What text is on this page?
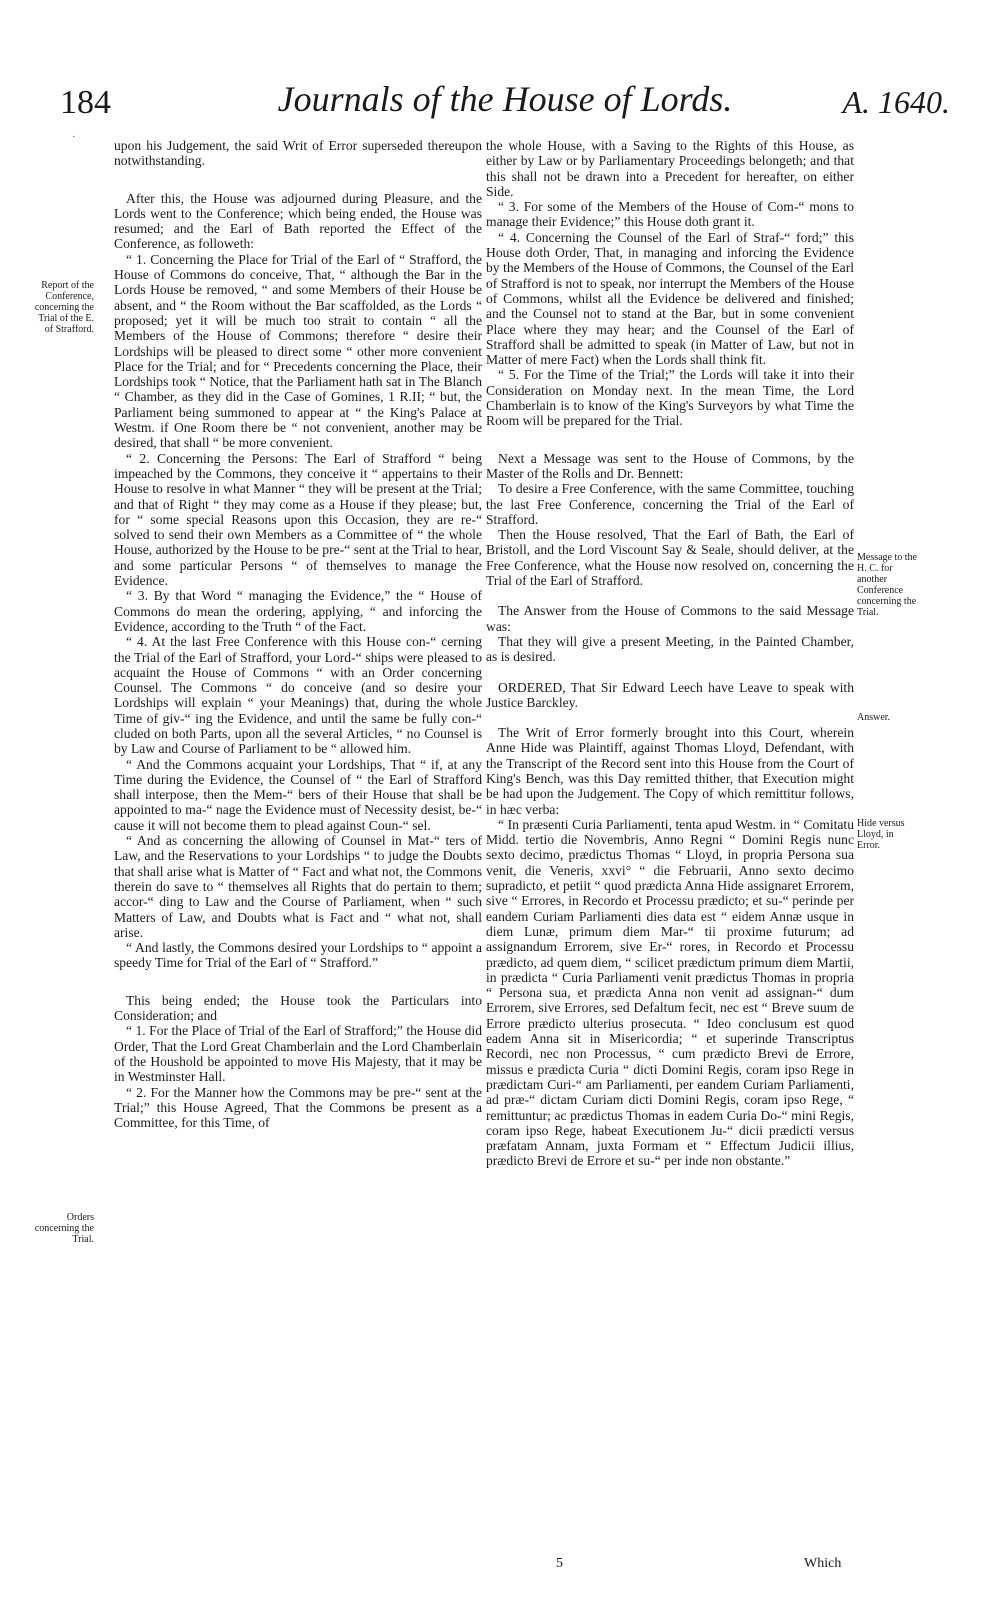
184	Journals of the House of Lords.	A. 1640.
·

upon his Judgement, the said Writ of Error superseded thereupon notwithstanding.

After this, the House was adjourned during Pleasure, and the Lords went to the Conference; which being ended, the House was resumed; and the Earl of Bath reported the Effect of the Conference, as followeth:

“ 1. Concerning the Place for Trial of the Earl of “ Strafford, the House of Commons do conceive, That, “ although the Bar in the Lords House be removed, “ and some Members of their House be absent, and “ the Room without the Bar scaffolded, as the Lords “ proposed; yet it will be much too strait to contain “ all the Members of the House of Commons; therefore “ desire their Lordships will be pleased to direct some “ other more convenient Place for the Trial; and for “ Precedents concerning the Place, their Lordships took “ Notice, that the Parliament hath sat in The Blanch “ Chamber, as they did in the Case of Gomines, 1 R.II; “ but, the Parliament being summoned to appear at “ the King's Palace at Westm. if One Room there be “ not convenient, another may be desired, that shall “ be more convenient.

“ 2. Concerning the Persons: The Earl of Strafford “ being impeached by the Commons, they conceive it “ appertains to their House to resolve in what Manner “ they will be present at the Trial; and that of Right “ they may come as a House if they please; but, for “ some special Reasons upon this Occasion, they are re-“ solved to send their own Members as a Committee of “ the whole House, authorized by the House to be pre-“ sent at the Trial to hear, and some particular Persons “ of themselves to manage the Evidence.

“ 3. By that Word “ managing the Evidence,” the “ House of Commons do mean the ordering, applying, “ and inforcing the Evidence, according to the Truth “ of the Fact.

“ 4. At the last Free Conference with this House con-“ cerning the Trial of the Earl of Strafford, your Lord-“ ships were pleased to acquaint the House of Commons “ with an Order concerning Counsel. The Commons “ do conceive (and so desire your Lordships will explain “ your Meanings) that, during the whole Time of giv-“ ing the Evidence, and until the same be fully con-“ cluded on both Parts, upon all the several Articles, “ no Counsel is by Law and Course of Parliament to be “ allowed him.

“ And the Commons acquaint your Lordships, That “ if, at any Time during the Evidence, the Counsel of “ the Earl of Strafford shall interpose, then the Mem-“ bers of their House that shall be appointed to ma-“ nage the Evidence must of Necessity desist, be-“ cause it will not become them to plead against Coun-“ sel.

“ And as concerning the allowing of Counsel in Mat-“ ters of Law, and the Reservations to your Lordships “ to judge the Doubts that shall arise what is Matter of “ Fact and what not, the Commons therein do save to “ themselves all Rights that do pertain to them; accor-“ ding to Law and the Course of Parliament, when “ such Matters of Law, and Doubts what is Fact and “ what not, shall arise.

“ And lastly, the Commons desired your Lordships to “ appoint a speedy Time for Trial of the Earl of “ Strafford.”

This being ended; the House took the Particulars into Consideration; and

“ 1. For the Place of Trial of the Earl of Strafford;” the House did Order, That the Lord Great Chamberlain and the Lord Chamberlain of the Houshold be appointed to move His Majesty, that it may be in Westminster Hall.

“ 2. For the Manner how the Commons may be pre-“ sent at the Trial;” this House Agreed, That the Commons be present as a Committee, for this Time, of

the whole House, with a Saving to the Rights of this House, as either by Law or by Parliamentary Proceedings belongeth; and that this shall not be drawn into a Precedent for hereafter, on either Side.

“ 3. For some of the Members of the House of Com-“ mons to manage their Evidence;” this House doth grant it.

“ 4. Concerning the Counsel of the Earl of Straf-“ ford;” this House doth Order, That, in managing and inforcing the Evidence by the Members of the House of Commons, the Counsel of the Earl of Strafford is not to speak, nor interrupt the Members of the House of Commons, whilst all the Evidence be delivered and finished; and the Counsel not to stand at the Bar, but in some convenient Place where they may hear; and the Counsel of the Earl of Strafford shall be admitted to speak (in Matter of Law, but not in Matter of mere Fact) when the Lords shall think fit.

“ 5. For the Time of the Trial;” the Lords will take it into their Consideration on Monday next. In the mean Time, the Lord Chamberlain is to know of the King's Surveyors by what Time the Room will be prepared for the Trial.

Next a Message was sent to the House of Commons, by the Master of the Rolls and Dr. Bennett:

To desire a Free Conference, with the same Committee, touching the last Free Conference, concerning the Trial of the Earl of Strafford.

Then the House resolved, That the Earl of Bath, the Earl of Bristoll, and the Lord Viscount Say & Seale, should deliver, at the Free Conference, what the House now resolved on, concerning the Trial of the Earl of Strafford.

The Answer from the House of Commons to the said Message was:

That they will give a present Meeting, in the Painted Chamber, as is desired.

ORDERED, That Sir Edward Leech have Leave to speak with Justice Barckley.

The Writ of Error formerly brought into this Court, wherein Anne Hide was Plaintiff, against Thomas Lloyd, Defendant, with the Transcript of the Record sent into this House from the Court of King's Bench, was this Day remitted thither, that Execution might be had upon the Judgement. The Copy of which remittitur follows, in hæc verba:

“ In præsenti Curia Parliamenti, tenta apud Westm. in “ Comitatu Midd. tertio die Novembris, Anno Regni “ Domini Regis nunc sexto decimo, prædictus Thomas “ Lloyd, in propria Persona sua venit, die Veneris, xxvi° “ die Februarii, Anno sexto decimo supradicto, et petiit “ quod prædicta Anna Hide assignaret Errorem, sive “ Errores, in Recordo et Processu prædicto; et su-“ perinde per eandem Curiam Parliamenti dies data est “ eidem Annæ usque in diem Lunæ, primum diem Mar-“ tii proxime futurum; ad assignandum Errorem, sive Er-“ rores, in Recordo et Processu prædicto, ad quem diem, “ scilicet prædictum primum diem Martii, in prædicta “ Curia Parliamenti venit prædictus Thomas in propria “ Persona sua, et prædicta Anna non venit ad assignan-“ dum Errorem, sive Errores, sed Defaltum fecit, nec est “ Breve suum de Errore prædicto ulterius prosecuta. “ Ideo conclusum est quod eadem Anna sit in Misericordia; “ et superinde Transcriptus Recordi, nec non Processus, “ cum prædicto Brevi de Errore, missus e prædicta Curia “ dicti Domini Regis, coram ipso Rege in prædictam Curi-“ am Parliamenti, per eandem Curiam Parliamenti, ad præ-“ dictam Curiam dicti Domini Regis, coram ipso Rege, “ remittuntur; ac prædictus Thomas in eadem Curia Do-“ mini Regis, coram ipso Rege, habeat Executionem Ju-“ dicii prædicti versus præfatam Annam, juxta Formam et “ Effectum Judicii illius, prædicto Brevi de Errore et su-“ per inde non obstante.”

Report of the Conference, concerning the Trial of the E. of Strafford.
Orders concerning the Trial.
Message to the H. C. for another Conference concerning the Trial.
Answer.
Hide versus Lloyd, in Error.
5	Which
